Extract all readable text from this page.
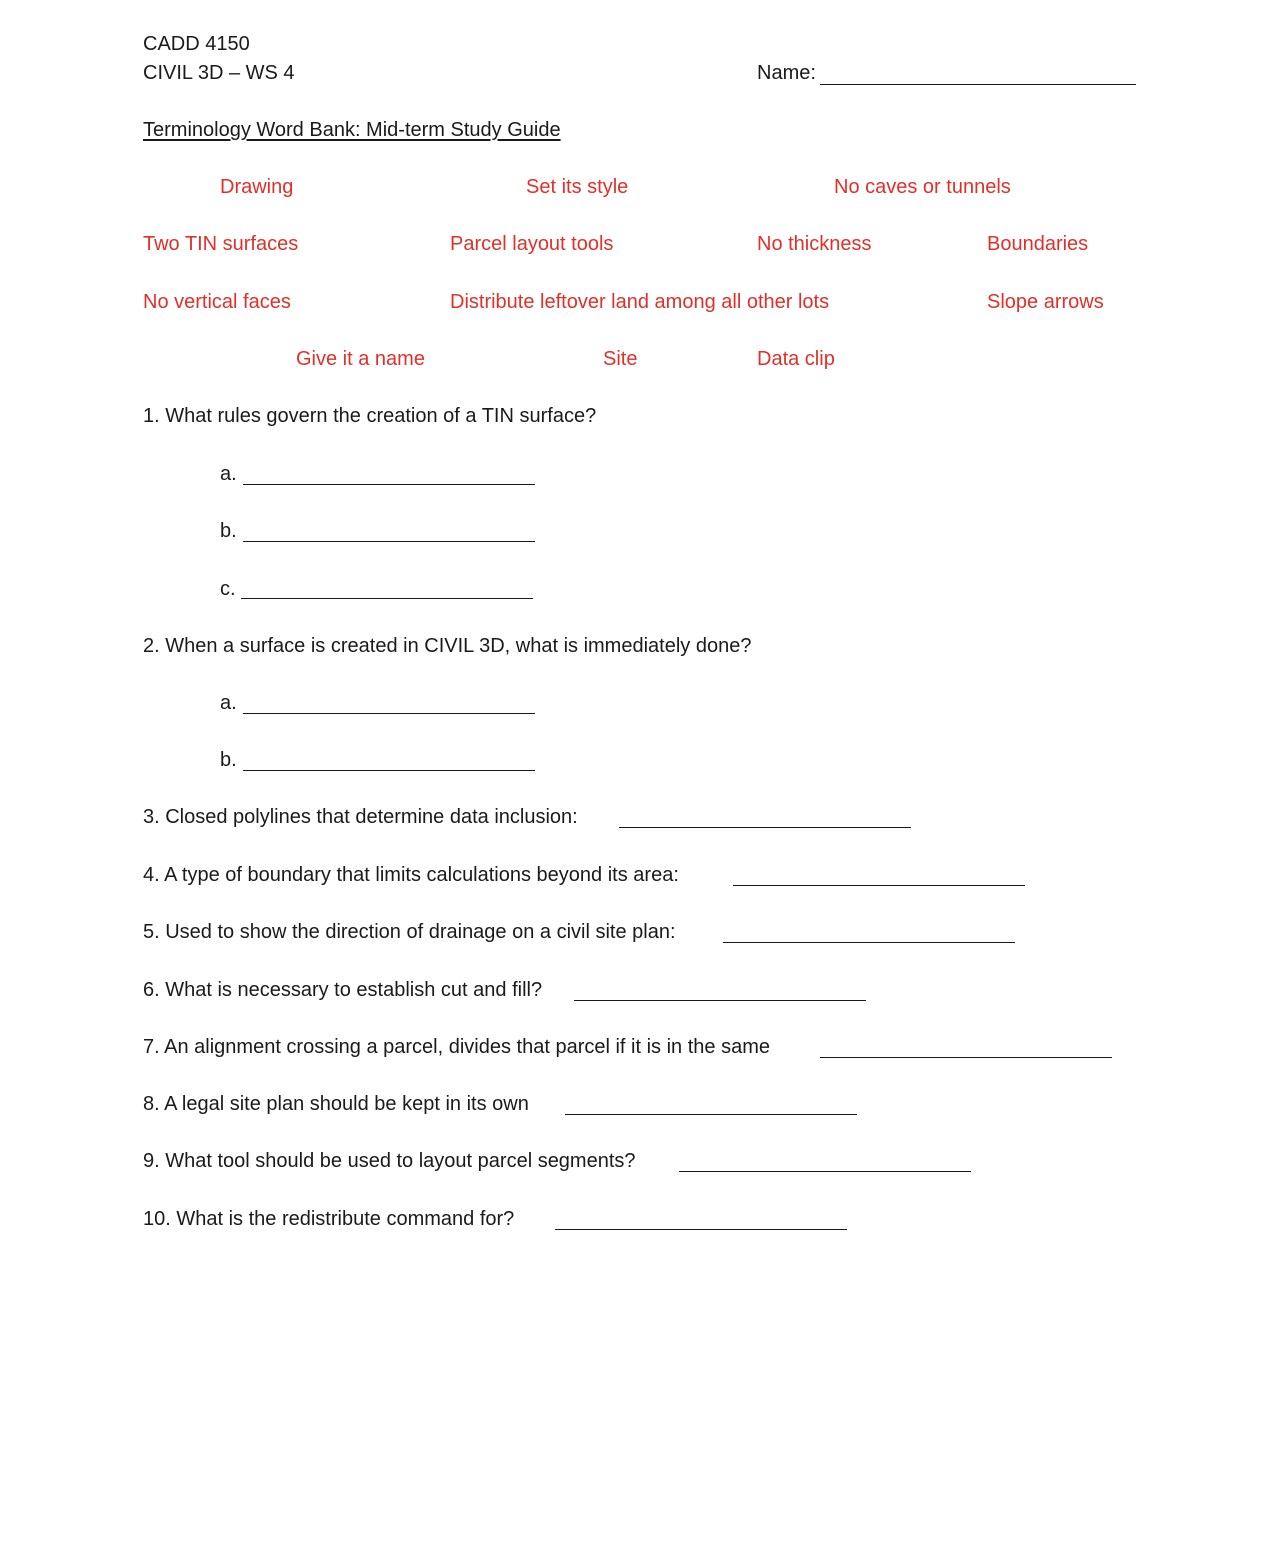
CADD 4150
CIVIL 3D – WS 4	Name:
Terminology Word Bank: Mid-term Study Guide
Drawing	Set its style	No caves or tunnels
Two TIN surfaces	Parcel layout tools	No thickness	Boundaries
No vertical faces	Distribute leftover land among all other lots	Slope arrows
Give it a name	Site	Data clip
1. What rules govern the creation of a TIN surface?
a.
b.
c.
2. When a surface is created in CIVIL 3D, what is immediately done?
a.
b.
3. Closed polylines that determine data inclusion:
4. A type of boundary that limits calculations beyond its area:
5. Used to show the direction of drainage on a civil site plan:
6. What is necessary to establish cut and fill?
7. An alignment crossing a parcel, divides that parcel if it is in the same
8. A legal site plan should be kept in its own
9. What tool should be used to layout parcel segments?
10. What is the redistribute command for?
